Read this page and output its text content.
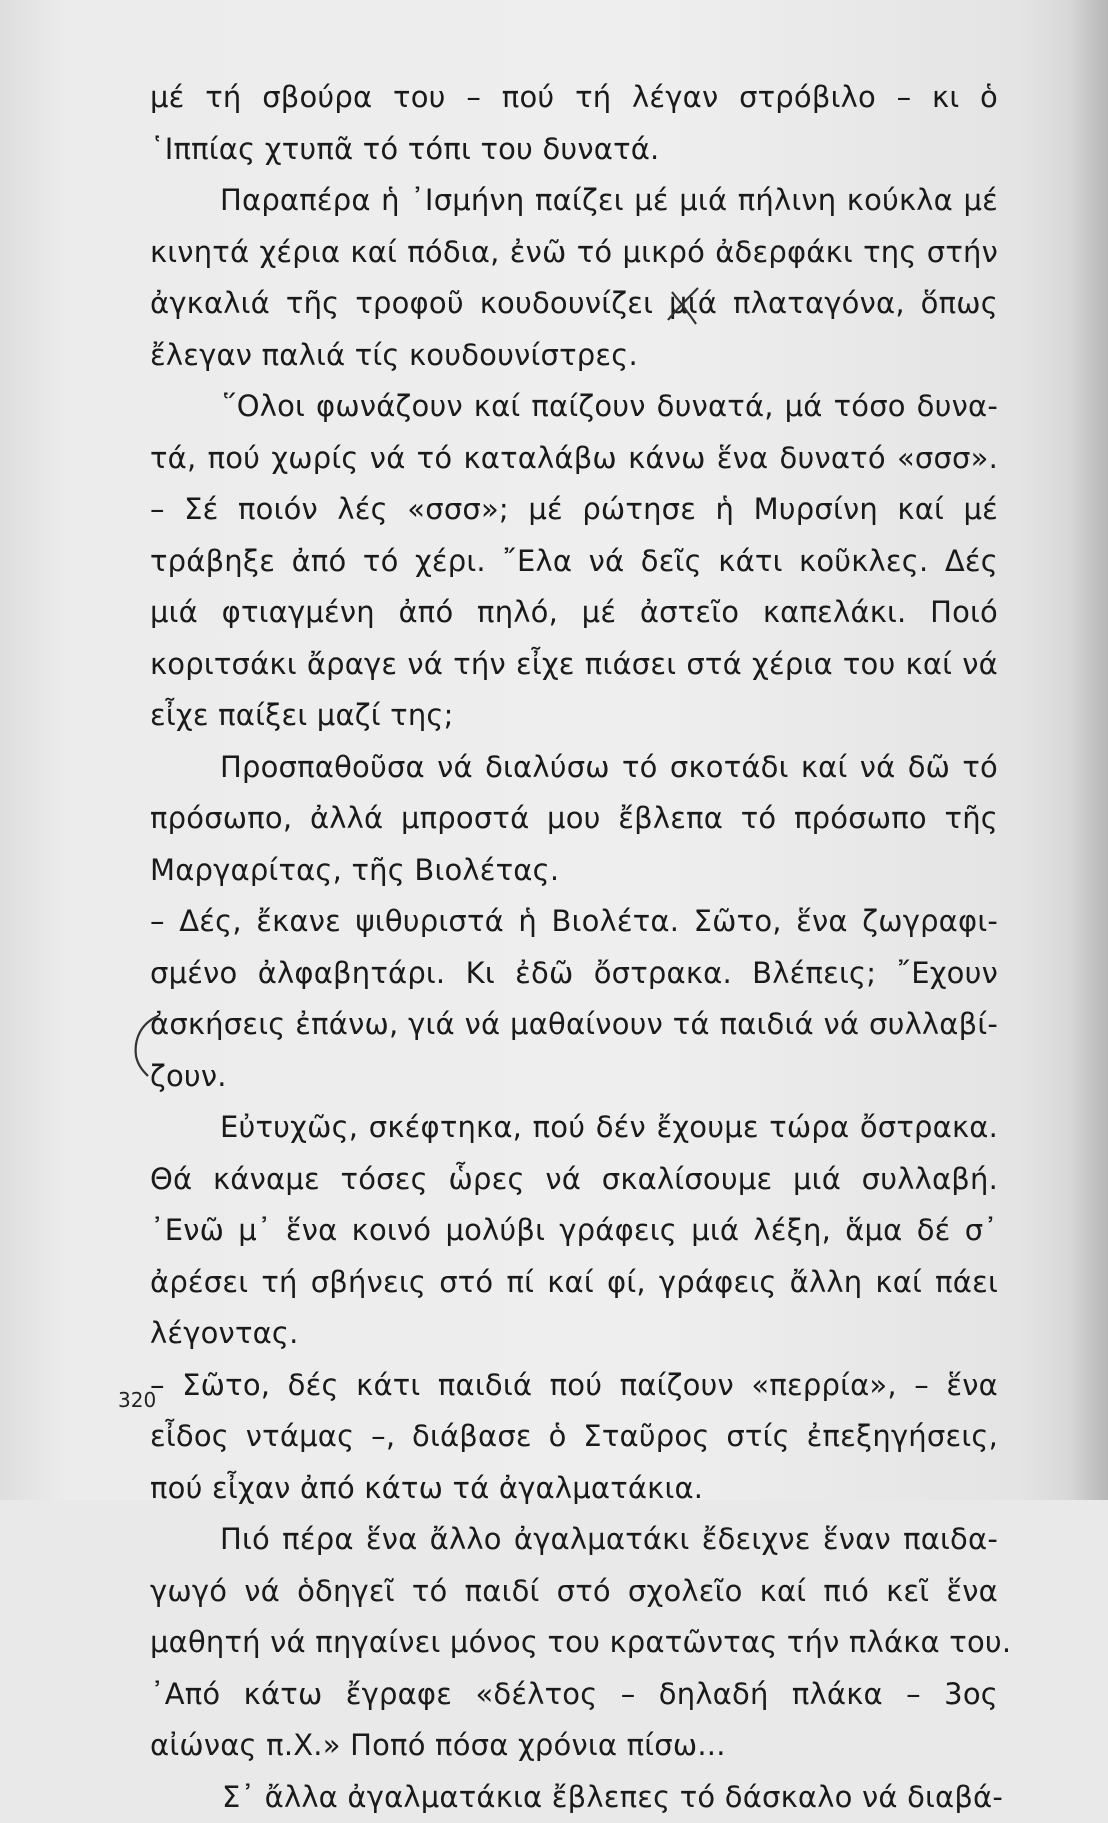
μέ τή σβούρα του – πού τή λέγαν στρόβιλο – κι ὁ
῾Ιππίας χτυπᾶ τό τόπι του δυνατά.
Παραπέρα ἡ ᾿Ισμήνη παίζει μέ μιά πήλινη κούκλα μέ
κινητά χέρια καί πόδια, ἐνῶ τό μικρό ἀδερφάκι της στήν
ἀγκαλιά τῆς τροφοῦ κουδουνίζει μιά πλαταγόνα, ὅπως
ἔλεγαν παλιά τίς κουδουνίστρες.
῞Ολοι φωνάζουν καί παίζουν δυνατά, μά τόσο δυνα-
τά, πού χωρίς νά τό καταλάβω κάνω ἕνα δυνατό «σσσ».
– Σέ ποιόν λές «σσσ»; μέ ρώτησε ἡ Μυρσίνη καί μέ
τράβηξε ἀπό τό χέρι. ῎Ελα νά δεῖς κάτι κοῦκλες. Δές
μιά φτιαγμένη ἀπό πηλό, μέ ἀστεῖο καπελάκι. Ποιό
κοριτσάκι ἄραγε νά τήν εἶχε πιάσει στά χέρια του καί νά
εἶχε παίξει μαζί της;
Προσπαθοῦσα νά διαλύσω τό σκοτάδι καί νά δῶ τό
πρόσωπο, ἀλλά μπροστά μου ἔβλεπα τό πρόσωπο τῆς
Μαργαρίτας, τῆς Βιολέτας.
– Δές, ἔκανε ψιθυριστά ἡ Βιολέτα. Σῶτο, ἕνα ζωγραφι-
σμένο ἀλφαβητάρι. Κι ἐδῶ ὄστρακα. Βλέπεις; ῎Εχουν
ἀσκήσεις ἐπάνω, γιά νά μαθαίνουν τά παιδιά νά συλλαβί-
ζουν.
Εὐτυχῶς, σκέφτηκα, πού δέν ἔχουμε τώρα ὄστρακα.
Θά κάναμε τόσες ὧρες νά σκαλίσουμε μιά συλλαβή.
᾿Ενῶ μ᾿ ἕνα κοινό μολύβι γράφεις μιά λέξη, ἅμα δέ σ᾿
ἀρέσει τή σβήνεις στό πί καί φί, γράφεις ἄλλη καί πάει
λέγοντας.
– Σῶτο, δές κάτι παιδιά πού παίζουν «περρία», – ἕνα
εἶδος ντάμας –, διάβασε ὁ Σταῦρος στίς ἐπεξηγήσεις,
πού εἶχαν ἀπό κάτω τά ἀγαλματάκια.
Πιό πέρα ἕνα ἄλλο ἀγαλματάκι ἔδειχνε ἕναν παιδα-
γωγό νά ὁδηγεῖ τό παιδί στό σχολεῖο καί πιό κεῖ ἕνα
μαθητή νά πηγαίνει μόνος του κρατῶντας τήν πλάκα του.
᾿Από κάτω ἔγραφε «δέλτος – δηλαδή πλάκα – 3ος
αἰώνας π.Χ.» Ποπό πόσα χρόνια πίσω...
Σ᾿ ἄλλα ἀγαλματάκια ἔβλεπες τό δάσκαλο νά διαβά-
320
